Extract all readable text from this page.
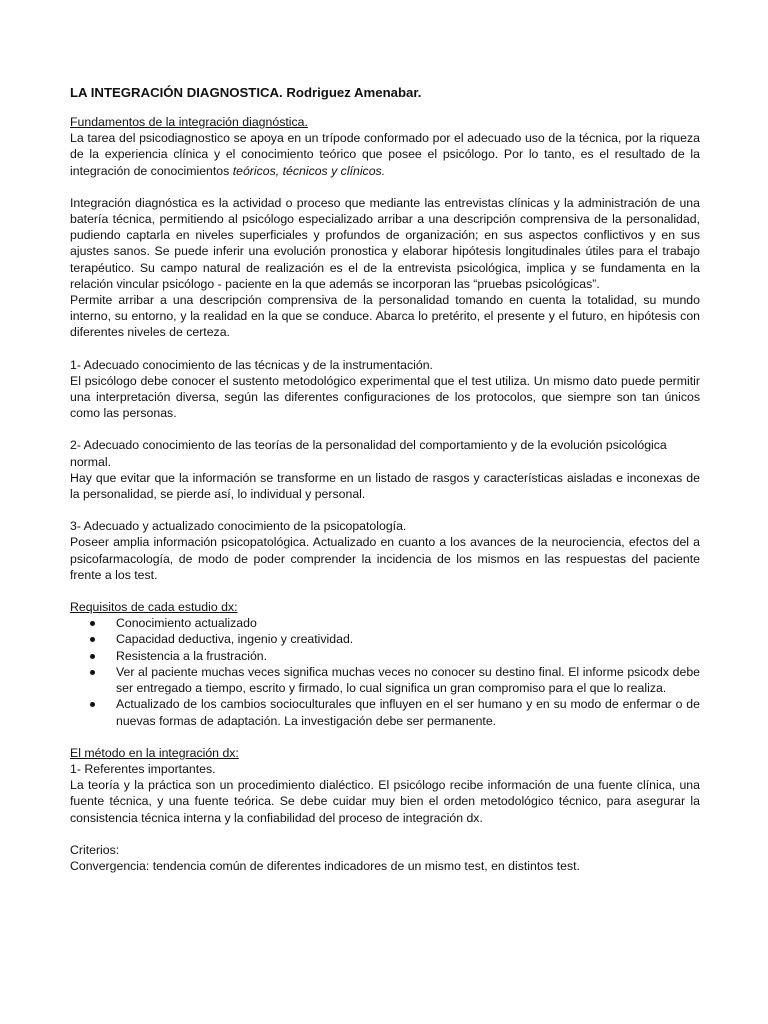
LA INTEGRACIÓN DIAGNOSTICA. Rodriguez Amenabar.

Fundamentos de la integración diagnóstica.

La tarea del psicodiagnostico se apoya en un trípode conformado por el adecuado uso de la técnica, por la riqueza de la experiencia clínica y el conocimiento teórico que posee el psicólogo. Por lo tanto, es el resultado de la integración de conocimientos teóricos, técnicos y clínicos.

Integración diagnóstica es la actividad o proceso que mediante las entrevistas clínicas y la administración de una batería técnica, permitiendo al psicólogo especializado arribar a una descripción comprensiva de la personalidad, pudiendo captarla en niveles superficiales y profundos de organización; en sus aspectos conflictivos y en sus ajustes sanos. Se puede inferir una evolución pronostica y elaborar hipótesis longitudinales útiles para el trabajo terapéutico. Su campo natural de realización es el de la entrevista psicológica, implica y se fundamenta en la relación vincular psicólogo - paciente en la que además se incorporan las “pruebas psicológicas”.

Permite arribar a una descripción comprensiva de la personalidad tomando en cuenta la totalidad, su mundo interno, su entorno, y la realidad en la que se conduce. Abarca lo pretérito, el presente y el futuro, en hipótesis con diferentes niveles de certeza.

1- Adecuado conocimiento de las técnicas y de la instrumentación.

El psicólogo debe conocer el sustento metodológico experimental que el test utiliza. Un mismo dato puede permitir una interpretación diversa, según las diferentes configuraciones de los protocolos, que siempre son tan únicos como las personas.

2- Adecuado conocimiento de las teorías de la personalidad del comportamiento y de la evolución psicológica normal.

Hay que evitar que la información se transforme en un listado de rasgos y características aisladas e inconexas de la personalidad, se pierde así, lo individual y personal.

3- Adecuado y actualizado conocimiento de la psicopatología.

Poseer amplia información psicopatológica. Actualizado en cuanto a los avances de la neurociencia, efectos del a psicofarmacología, de modo de poder comprender la incidencia de los mismos en las respuestas del paciente frente a los test.

Requisitos de cada estudio dx:

Conocimiento actualizado
Capacidad deductiva, ingenio y creatividad.
Resistencia a la frustración.
Ver al paciente muchas veces significa muchas veces no conocer su destino final. El informe psicodx debe ser entregado a tiempo, escrito y firmado, lo cual significa un gran compromiso para el que lo realiza.
Actualizado de los cambios socioculturales que influyen en el ser humano y en su modo de enfermar o de nuevas formas de adaptación. La investigación debe ser permanente.

El método en la integración dx:

1- Referentes importantes.

La teoría y la práctica son un procedimiento dialéctico. El psicólogo recibe información de una fuente clínica, una fuente técnica, y una fuente teórica. Se debe cuidar muy bien el orden metodológico técnico, para asegurar la consistencia técnica interna y la confiabilidad del proceso de integración dx.

Criterios:

Convergencia: tendencia común de diferentes indicadores de un mismo test, en distintos test.
